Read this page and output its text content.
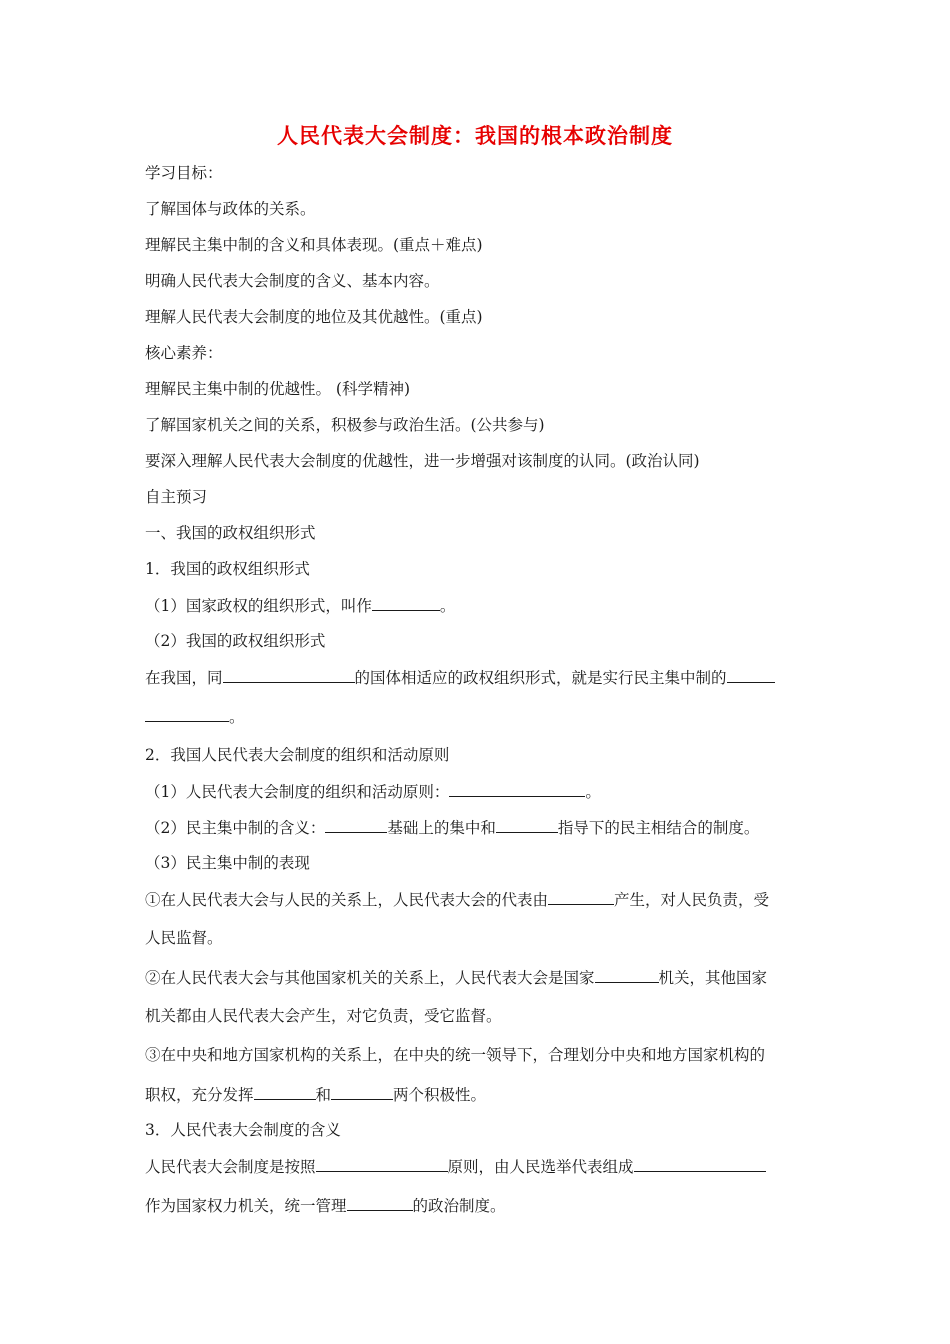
人民代表大会制度：我国的根本政治制度
学习目标：
了解国体与政体的关系。
理解民主集中制的含义和具体表现。(重点＋难点)
明确人民代表大会制度的含义、基本内容。
理解人民代表大会制度的地位及其优越性。(重点)
核心素养：
理解民主集中制的优越性。 (科学精神)
了解国家机关之间的关系，积极参与政治生活。(公共参与)
要深入理解人民代表大会制度的优越性，进一步增强对该制度的认同。(政治认同)
自主预习
一、我国的政权组织形式
1．我国的政权组织形式
（1）国家政权的组织形式，叫作	。
（2）我国的政权组织形式
在我国，同	的国体相适应的政权组织形式，就是实行民主集中制的
。
2．我国人民代表大会制度的组织和活动原则
（1）人民代表大会制度的组织和活动原则：	。
（2）民主集中制的含义：	基础上的集中和	指导下的民主相结合的制度。
（3）民主集中制的表现
①在人民代表大会与人民的关系上，人民代表大会的代表由	产生，对人民负责，受
人民监督。
②在人民代表大会与其他国家机关的关系上，人民代表大会是国家	机关，其他国家
机关都由人民代表大会产生，对它负责，受它监督。
③在中央和地方国家机构的关系上，在中央的统一领导下，合理划分中央和地方国家机构的
职权，充分发挥	和	两个积极性。
3．人民代表大会制度的含义
人民代表大会制度是按照	原则，由人民选举代表组成
作为国家权力机关，统一管理	的政治制度。
